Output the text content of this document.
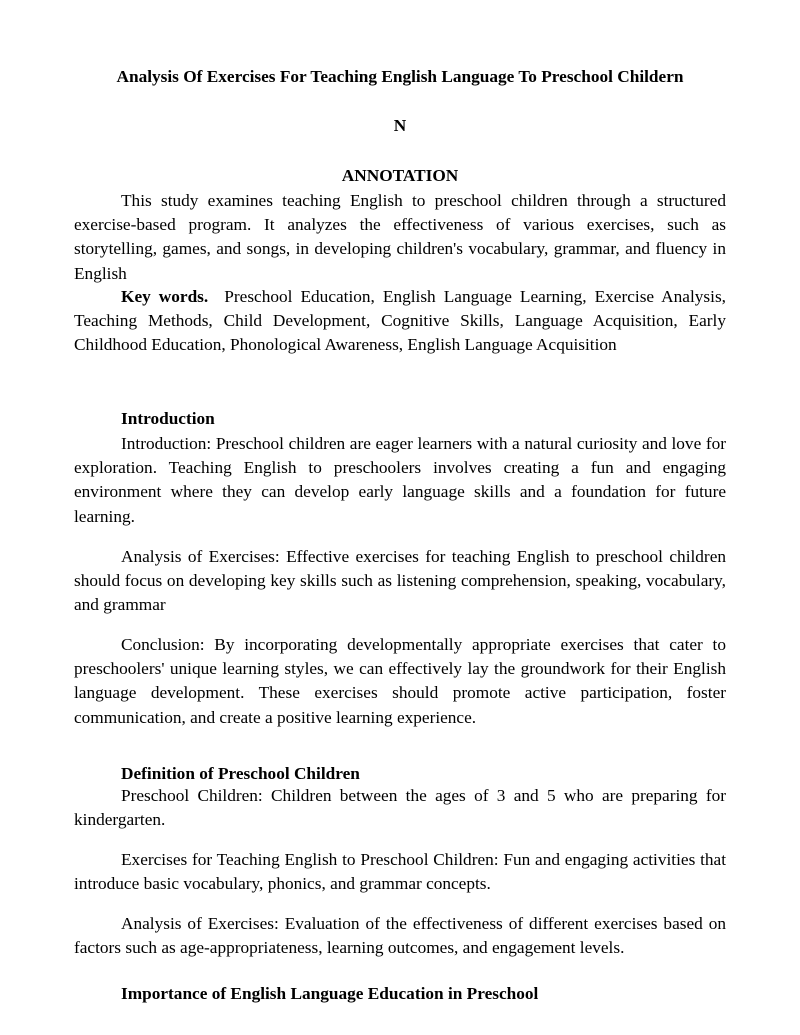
Analysis Of Exercises For Teaching English Language To Preschool Childern
N
ANNOTATION

This study examines teaching English to preschool children through a structured exercise-based program. It analyzes the effectiveness of various exercises, such as storytelling, games, and songs, in developing children's vocabulary, grammar, and fluency in English

Key words. Preschool Education, English Language Learning, Exercise Analysis, Teaching Methods, Child Development, Cognitive Skills, Language Acquisition, Early Childhood Education, Phonological Awareness, English Language Acquisition

Introduction

Introduction: Preschool children are eager learners with a natural curiosity and love for exploration. Teaching English to preschoolers involves creating a fun and engaging environment where they can develop early language skills and a foundation for future learning.

Analysis of Exercises: Effective exercises for teaching English to preschool children should focus on developing key skills such as listening comprehension, speaking, vocabulary, and grammar

Conclusion: By incorporating developmentally appropriate exercises that cater to preschoolers' unique learning styles, we can effectively lay the groundwork for their English language development. These exercises should promote active participation, foster communication, and create a positive learning experience.

Definition of Preschool Children

Preschool Children: Children between the ages of 3 and 5 who are preparing for kindergarten.

Exercises for Teaching English to Preschool Children: Fun and engaging activities that introduce basic vocabulary, phonics, and grammar concepts.

Analysis of Exercises: Evaluation of the effectiveness of different exercises based on factors such as age-appropriateness, learning outcomes, and engagement levels.

Importance of English Language Education in Preschool
